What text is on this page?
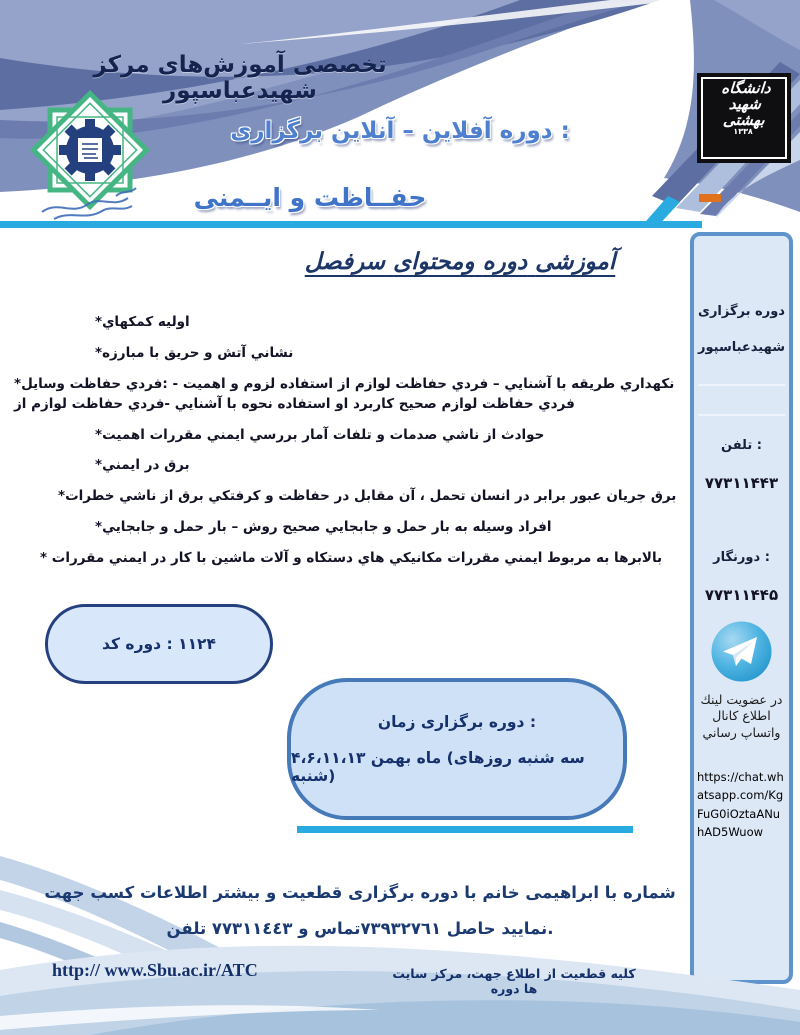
مرکز آموزش‌های تخصصی شهیدعباسپور
برگزاری آنلاین – آفلاین دوره :
ایــمنی و حفــاظت
دانشگاه
شهید
بهشتی
۱۳۳۸
سرفصل ومحتوای دوره آموزشی
*كمكهاي اوليه
*مبارزه با حريق و آتش نشاني
*وسايل حفاظت فردي: - اهميت و لزوم استفاده از لوازم حفاظت فردي – آشنايي با طريقه نكهداري از لوازم حفاظت فردي- آشنايي با نحوه استفاده او كاربرد صحيح لوازم حفاظت فردي
*اهميت مقررات ايمني بررسي آمار تلفات و صدمات ناشي از حوادث
*ايمني در برق
*خطرات ناشي از برق كرفتكي و حفاظت در مقابل آن ، تحمل انسان در برابر عبور جريان برق
*جابجايي و حمل بار – روش صحيح جابجايي و حمل بار به وسيله افراد
* مقررات ايمني در كار با ماشين آلات و دستكاه هاي مكانيكي مقررات ايمني مربوط به بالابرها
كد دوره : ۱۱۲۴
زمان برگزاری دوره :
۴،۶،۱۱،۱۳ بهمن ماه (روزهای شنبه سه شنبه)
برگزاری دوره
شهیدعباسپور
تلفن :
۷۷۳۱۱۴۴۳
دورنگار :
۷۷۳۱۱۴۴۵
لینك عضویت در كانال اطلاع رساني واتساپ
https://chat.whatsapp.com/KgFuG0iOztaANuhAD5Wuow
جهت کسب اطلاعات بیشتر و قطعیت برگزاری دوره با خانم ابراهیمی با شماره
تلفن ٧٧٣١١٤٤٣ و ٧٣٩٣٢٧٦١تماس حاصل نمایید.
http:// www.Sbu.ac.ir/ATC	سایت مرکز ،جهت اطلاع از قطعیت کلیه دوره ها
